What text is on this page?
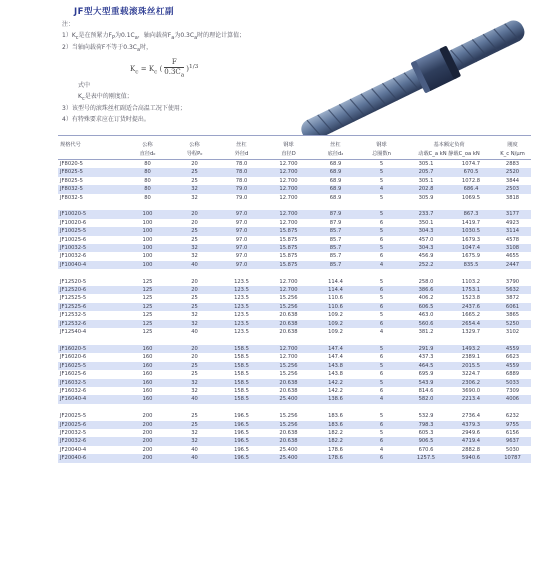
JF型大型重载滚珠丝杠副
注：
$1)K_c$是在预紧力$F_P$为$0.1C_a$，轴向载荷$F_a$为$0.3C_a$时的理论计算值；
2）当轴向载荷F不等于$0.3C_a$时，
$K_c = K_c$ ( $\frac{F}{0.3C_a} )^{1/3}$
式中
$K_c$是表中的刚度值；
3）该型号的滚珠丝杠副适合高温工况下使用；
4）有特殊要求应在订货时提出。
规格代号	公称	公称	丝杠	钢球	丝杠	钢球	基本额定负荷		刚度
	直径d₀	导程P₀	外径d	直径D	底径d₂	总圈数n	动载C_a kN 静载C_oa kN		K_c N/μm
JF8020-5	80	20	78.0	12.700	68.9	5	305.1	1074.7	2883
JF8025-5	80	25	78.0	12.700	68.9	5	205.7	670.5	2520
JF8025-5	80	25	78.0	12.700	68.9	5	305.1	1072.8	3844
JF8032-5	80	32	79.0	12.700	68.9	4	202.8	686.4	2503
JF8032-5	80	32	79.0	12.700	68.9	5	305.9	1069.5	3818

JF10020-5	100	20	97.0	12.700	87.9	5	233.7	867.3	3177
JF10020-6	100	20	97.0	12.700	87.9	6	350.1	1419.7	4923
JF10025-5	100	25	97.0	15.875	85.7	5	304.3	1030.5	3114
JF10025-6	100	25	97.0	15.875	85.7	6	457.0	1679.3	4578
JF10032-5	100	32	97.0	15.875	85.7	5	304.3	1047.4	3108
JF10032-6	100	32	97.0	15.875	85.7	6	456.9	1675.9	4655
JF10040-4	100	40	97.0	15.875	85.7	4	252.2	835.5	2447

JF12520-5	125	20	123.5	12.700	114.4	5	258.0	1103.2	3790
JF12520-6	125	20	123.5	12.700	114.4	6	386.6	1753.1	5632
JF12525-5	125	25	123.5	15.256	110.6	5	406.2	1523.8	3872
JF12525-6	125	25	123.5	15.256	110.6	6	606.5	2437.6	6061
JF12532-5	125	32	123.5	20.638	109.2	5	463.0	1665.2	3865
JF12532-6	125	32	123.5	20.638	109.2	6	560.6	2654.4	5250
JF12540-4	125	40	123.5	20.638	109.2	4	381.2	1329.7	3102

JF16020-5	160	20	158.5	12.700	147.4	5	291.9	1493.2	4559
JF16020-6	160	20	158.5	12.700	147.4	6	437.3	2389.1	6623
JF16025-5	160	25	158.5	15.256	143.8	5	464.5	2015.5	4559
JF16025-6	160	25	158.5	15.256	143.8	6	695.9	3224.7	6889
JF16032-5	160	32	158.5	20.638	142.2	5	543.9	2306.2	5033
JF16032-6	160	32	158.5	20.638	142.2	6	814.6	3690.0	7309
JF16040-4	160	40	158.5	25.400	138.6	4	582.0	2213.4	4006

JF20025-5	200	25	196.5	15.256	183.6	5	532.9	2736.4	6232
JF20025-6	200	25	196.5	15.256	183.6	6	798.3	4379.3	9755
JF20032-5	200	32	196.5	20.638	182.2	5	605.3	2949.6	6156
JF20032-6	200	32	196.5	20.638	182.2	6	906.5	4719.4	9637
JF20040-4	200	40	196.5	25.400	178.6	4	670.6	2882.8	5030
JF20040-6	200	40	196.5	25.400	178.6	6	1257.5	5940.6	10787
